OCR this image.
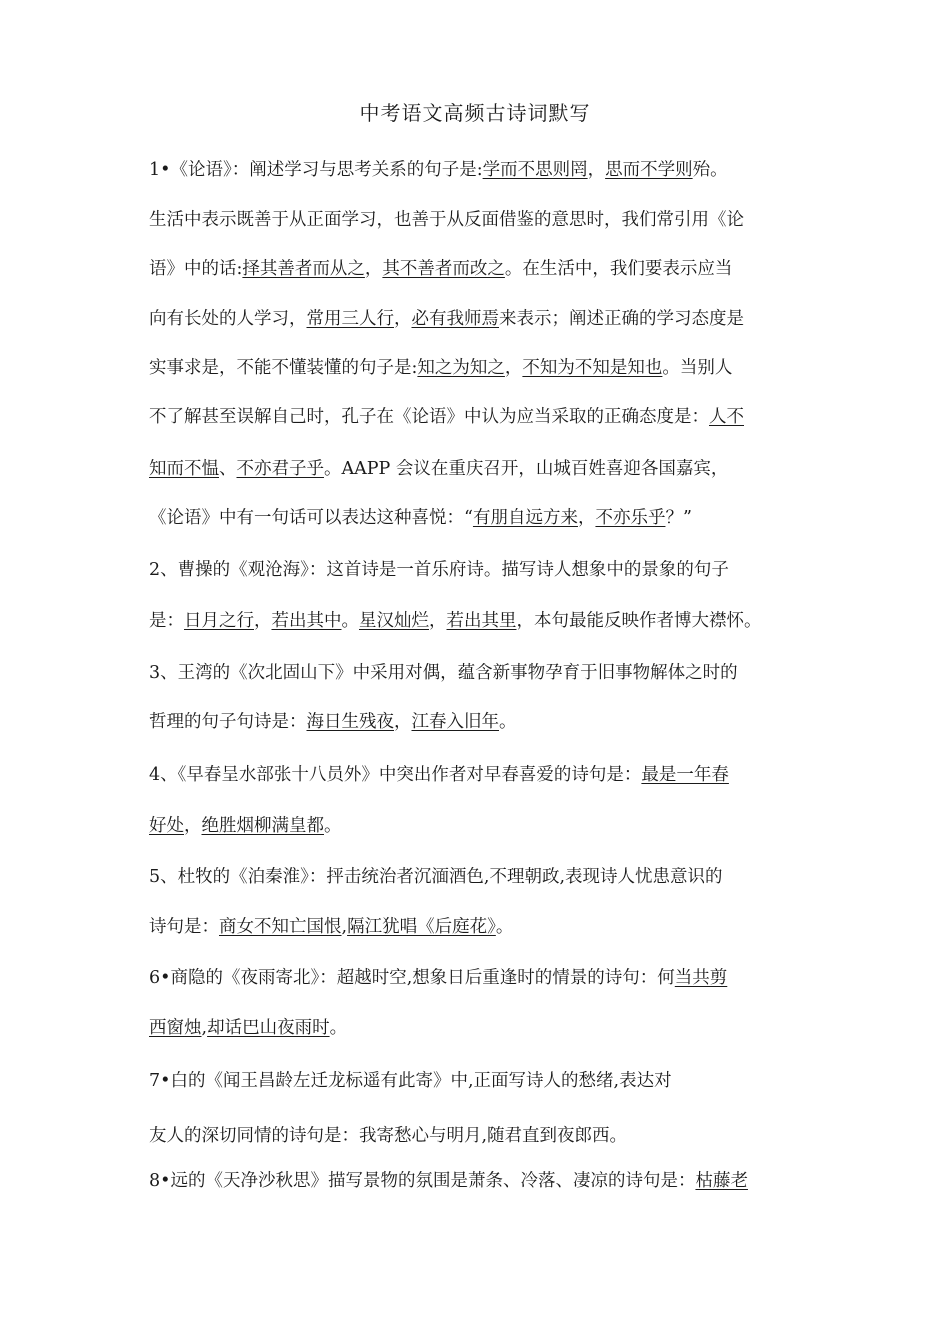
中考语文高频古诗词默写
1•《论语》：阐述学习与思考关系的句子是:学而不思则罔，思而不学则殆。
生活中表示既善于从正面学习，也善于从反面借鉴的意思时，我们常引用《论
语》中的话:择其善者而从之，其不善者而改之。在生活中，我们要表示应当
向有长处的人学习，常用三人行，必有我师焉来表示；阐述正确的学习态度是
实事求是，不能不懂装懂的句子是:知之为知之，不知为不知是知也。当别人
不了解甚至误解自己时，孔子在《论语》中认为应当采取的正确态度是：人不
知而不愠、不亦君子乎。AAPP 会议在重庆召开，山城百姓喜迎各国嘉宾，
《论语》中有一句话可以表达这种喜悦：“有朋自远方来，不亦乐乎？”
2、曹操的《观沧海》：这首诗是一首乐府诗。描写诗人想象中的景象的句子
是：日月之行，若出其中。星汉灿烂，若出其里，本句最能反映作者博大襟怀。
3、王湾的《次北固山下》中采用对偶，蕴含新事物孕育于旧事物解体之时的
哲理的句子句诗是：海日生残夜，江春入旧年。
4、《早春呈水部张十八员外》中突出作者对早春喜爱的诗句是：最是一年春
好处，绝胜烟柳满皇都。
5、杜牧的《泊秦淮》：抨击统治者沉湎酒色,不理朝政,表现诗人忧患意识的
诗句是：商女不知亡国恨,隔江犹唱《后庭花》。
6•商隐的《夜雨寄北》：超越时空,想象日后重逢时的情景的诗句：何当共剪
西窗烛,却话巴山夜雨时。
7•白的《闻王昌龄左迁龙标遥有此寄》中,正面写诗人的愁绪,表达对
友人的深切同情的诗句是：我寄愁心与明月,随君直到夜郎西。
8•远的《天净沙秋思》描写景物的氛围是萧条、冷落、凄凉的诗句是：枯藤老
